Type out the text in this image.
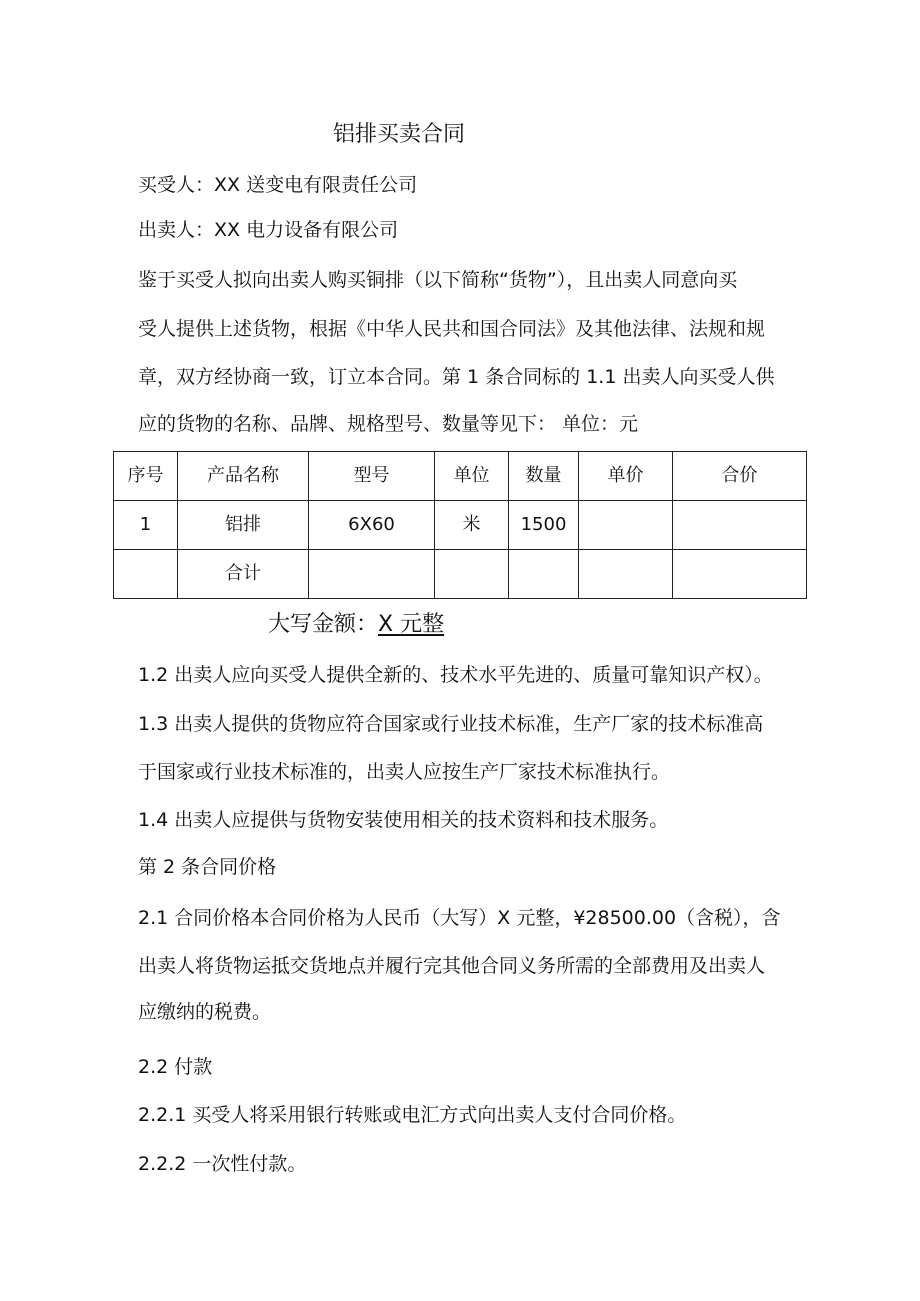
铝排买卖合同
买受人：XX 送变电有限责任公司
出卖人：XX 电力设备有限公司
鉴于买受人拟向出卖人购买铜排（以下简称“货物”），且出卖人同意向买
受人提供上述货物，根据《中华人民共和国合同法》及其他法律、法规和规
章，双方经协商一致，订立本合同。第 1 条合同标的 1.1 出卖人向买受人供
应的货物的名称、品牌、规格型号、数量等见下： 单位：元
序号	产品名称	型号	单位	数量	单价	合价
1	铝排	6X60	米	1500		
	合计					
大写金额：X 元整
1.2 出卖人应向买受人提供全新的、技术水平先进的、质量可靠知识产权）。
1.3 出卖人提供的货物应符合国家或行业技术标准，生产厂家的技术标准高
于国家或行业技术标准的，出卖人应按生产厂家技术标准执行。
1.4 出卖人应提供与货物安装使用相关的技术资料和技术服务。
第 2 条合同价格
2.1 合同价格本合同价格为人民币（大写）X 元整，¥28500.00（含税），含
出卖人将货物运抵交货地点并履行完其他合同义务所需的全部费用及出卖人
应缴纳的税费。
2.2 付款
2.2.1 买受人将采用银行转账或电汇方式向出卖人支付合同价格。
2.2.2 一次性付款。
